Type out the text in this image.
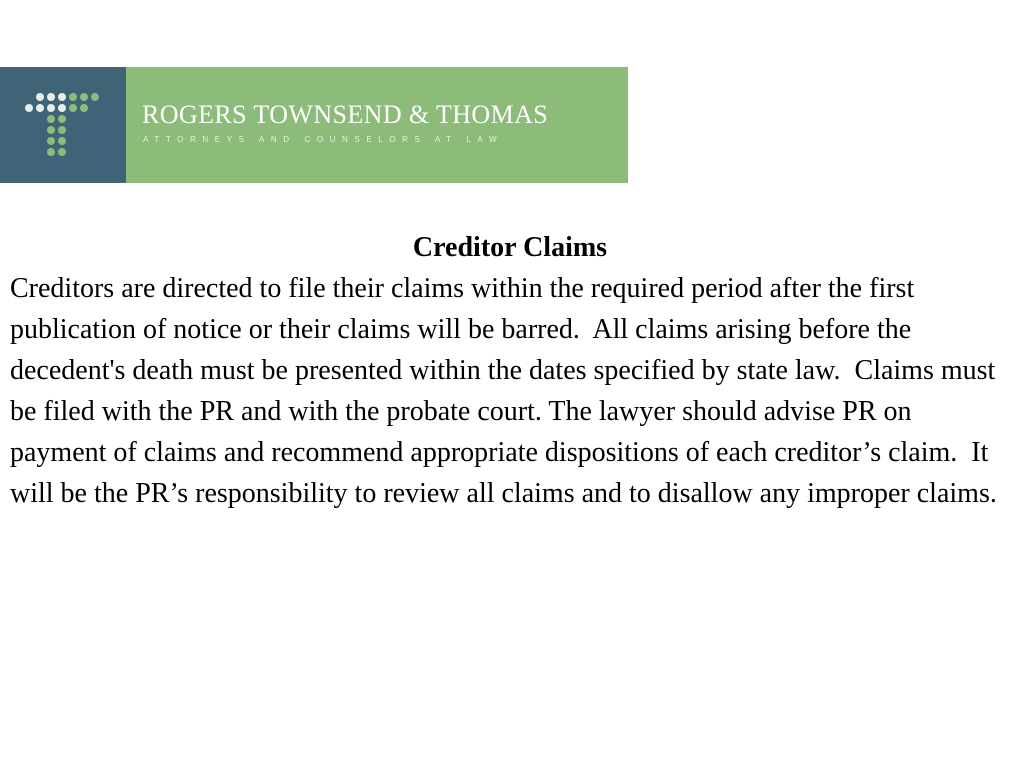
ROGERS TOWNSEND & THOMAS
ATTORNEYS AND COUNSELORS AT LAW
Creditor Claims

Creditors are directed to file their claims within the required period after the first publication of notice or their claims will be barred.  All claims arising before the decedent's death must be presented within the dates specified by state law.  Claims must be filed with the PR and with the probate court. The lawyer should advise PR on payment of claims and recommend appropriate dispositions of each creditor’s claim.  It will be the PR’s responsibility to review all claims and to disallow any improper claims.
